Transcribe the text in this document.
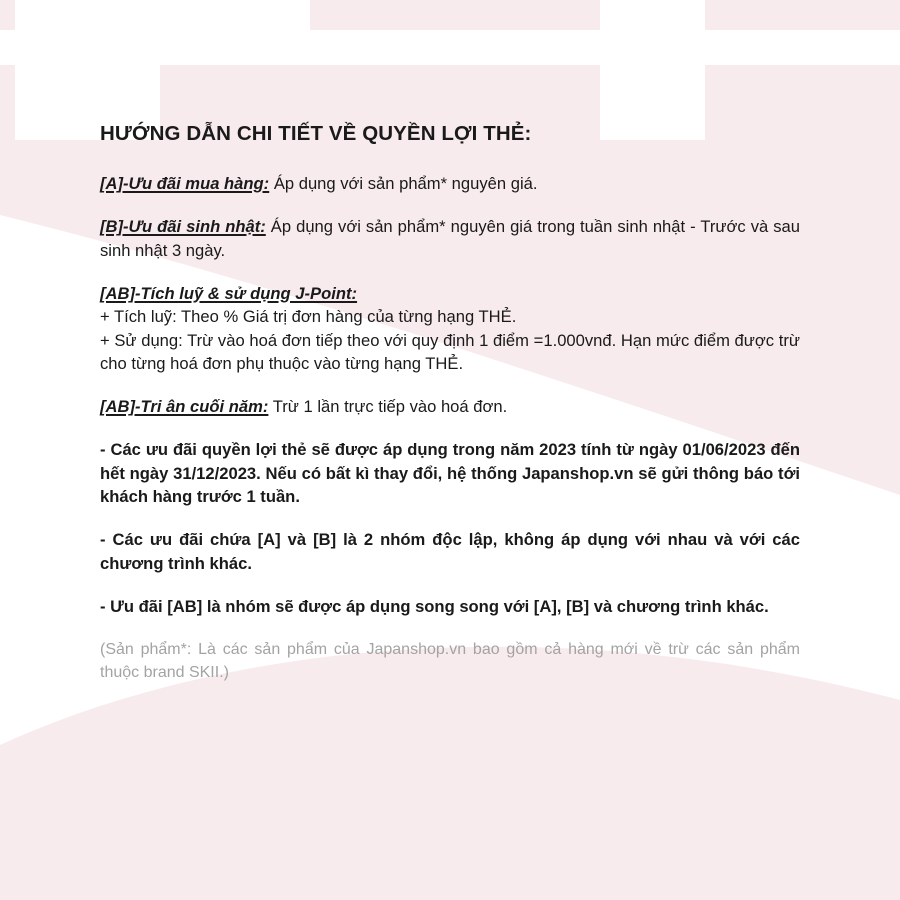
HƯỚNG DẪN CHI TIẾT VỀ QUYỀN LỢI THẺ:
[A]-Ưu đãi mua hàng: Áp dụng với sản phẩm* nguyên giá.
[B]-Ưu đãi sinh nhật: Áp dụng với sản phẩm* nguyên giá trong tuần sinh nhật - Trước và sau sinh nhật 3 ngày.
[AB]-Tích luỹ & sử dụng J-Point:
+ Tích luỹ: Theo % Giá trị đơn hàng của từng hạng THẺ.
+ Sử dụng: Trừ vào hoá đơn tiếp theo với quy định 1 điểm =1.000vnđ. Hạn mức điểm được trừ cho từng hoá đơn phụ thuộc vào từng hạng THẺ.
[AB]-Tri ân cuối năm: Trừ 1 lần trực tiếp vào hoá đơn.
- Các ưu đãi quyền lợi thẻ sẽ được áp dụng trong năm 2023 tính từ ngày 01/06/2023 đến hết ngày 31/12/2023. Nếu có bất kì thay đổi, hệ thống Japanshop.vn sẽ gửi thông báo tới khách hàng trước 1 tuần.
- Các ưu đãi chứa [A] và [B] là 2 nhóm độc lập, không áp dụng với nhau và với các chương trình khác.
- Ưu đãi [AB] là nhóm sẽ được áp dụng song song với [A], [B] và chương trình khác.
(Sản phẩm*: Là các sản phẩm của Japanshop.vn bao gồm cả hàng mới về trừ các sản phẩm thuộc brand SKII.)
